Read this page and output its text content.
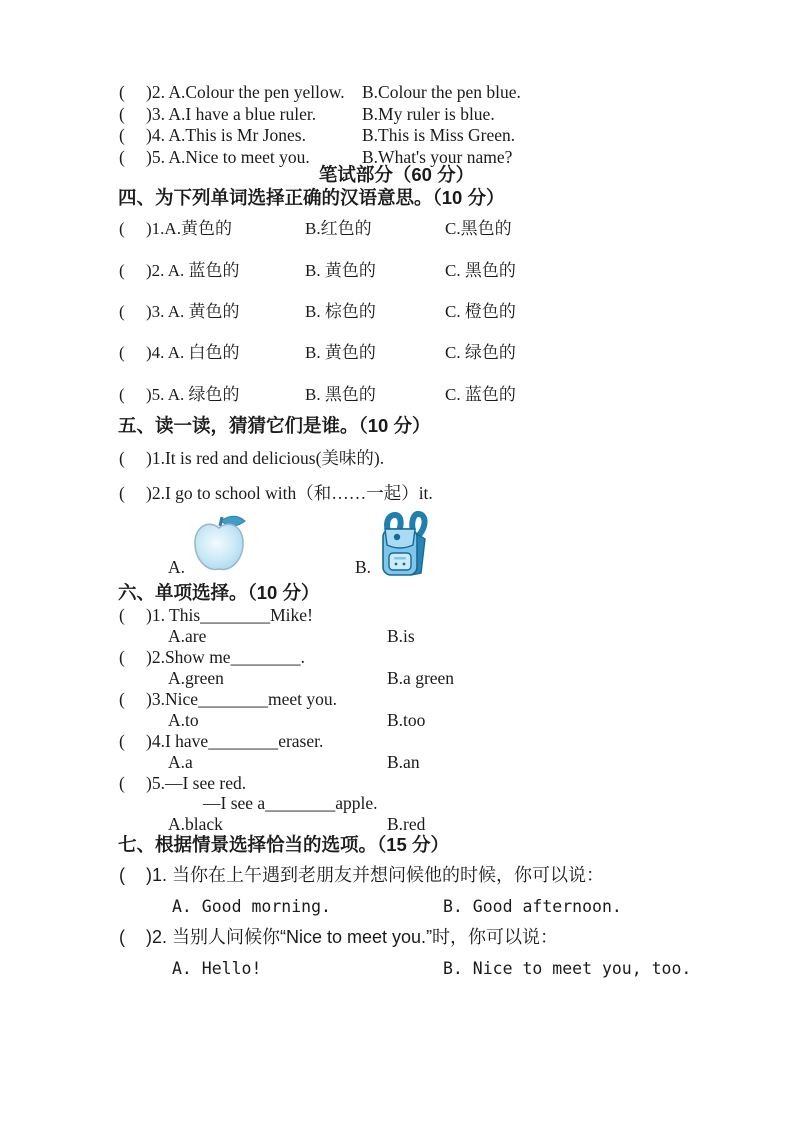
( )2. A.Colour the pen yellow. B.Colour the pen blue.
( )3. A.I have a blue ruler.	B.My ruler is blue.
( )4. A.This is Mr Jones.	B.This is Miss Green.
( )5. A.Nice to meet you.	B.What's your name?
笔试部分（60 分）
四、为下列单词选择正确的汉语意思。（10 分）
( )1.A.黄色的	B.红色的	C.黑色的
( )2. A. 蓝色的	B. 黄色的	C. 黑色的
( )3. A. 黄色的	B. 棕色的	C. 橙色的
( )4. A. 白色的	B. 黄色的	C. 绿色的
( )5. A. 绿色的	B. 黑色的	C. 蓝色的
五、读一读，猜猜它们是谁。（10 分）
( )1.It is red and delicious(美味的).
( )2.I go to school with（和……一起）it.
A.	B.
六、单项选择。（10 分）
( )1. This________Mike!
A.are	B.is
( )2.Show me________.
A.green	B.a green
( )3.Nice________meet you.
A.to	B.too
( )4.I have________eraser.
A.a	B.an
( )5.—I see red.
—I see a________apple.
A.black	B.red
七、根据情景选择恰当的选项。（15 分）
( )1. 当你在上午遇到老朋友并想问候他的时候，你可以说：
A. Good morning.	B. Good afternoon.
( )2. 当别人问候你“Nice to meet you.”时，你可以说：
A. Hello!	B. Nice to meet you, too.
